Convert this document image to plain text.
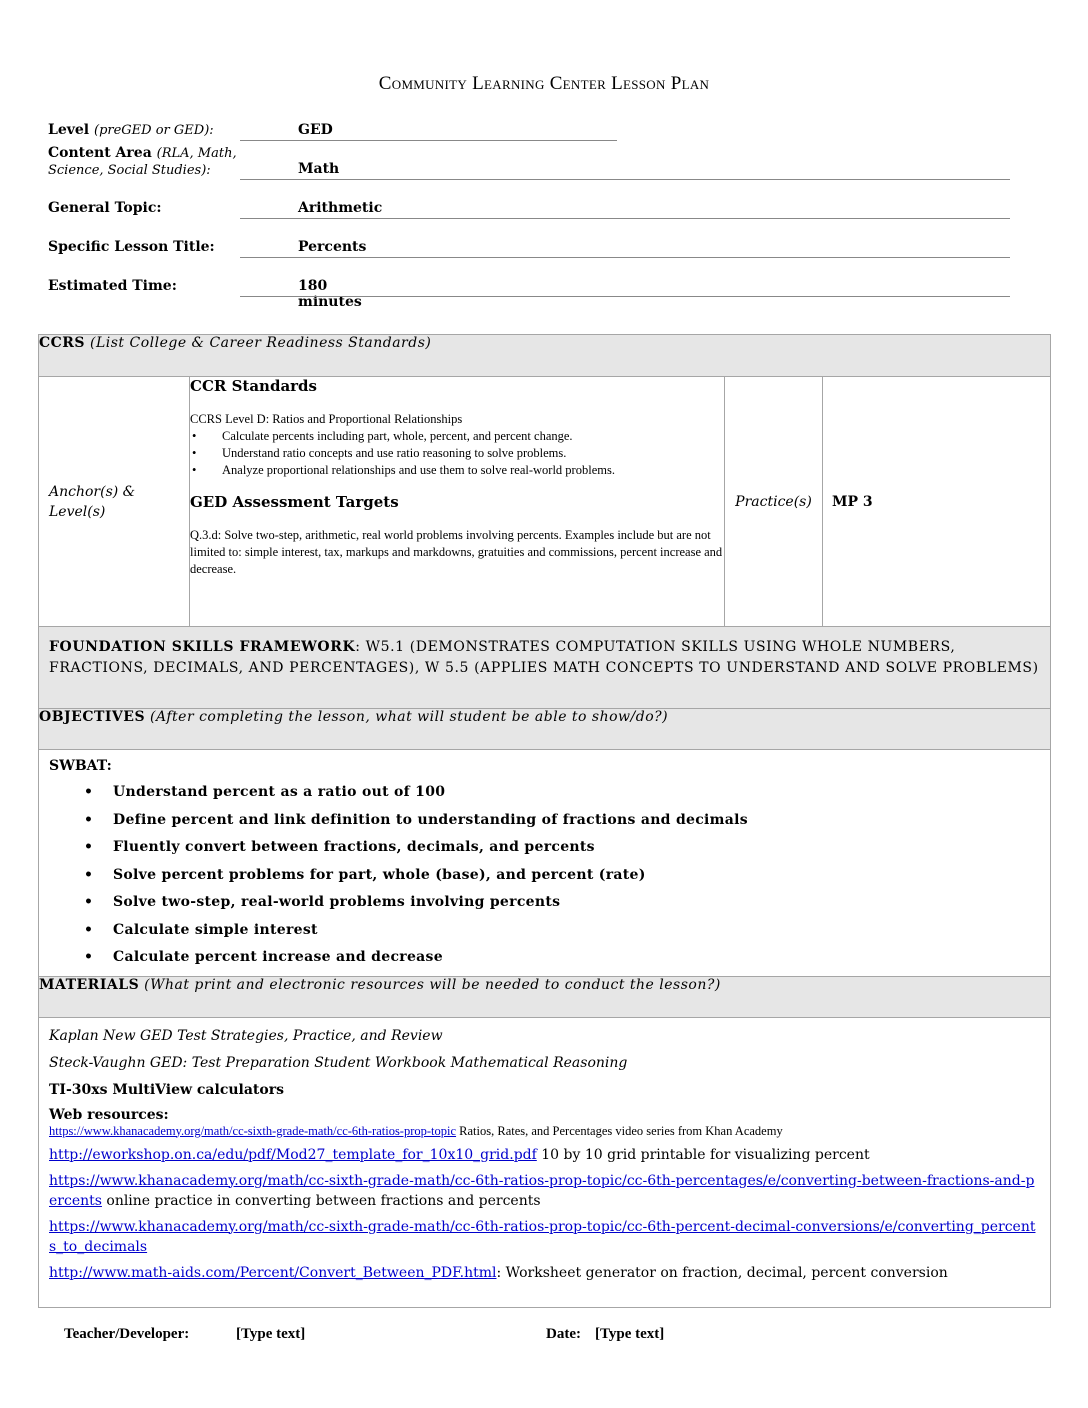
Community Learning Center Lesson Plan
Level (preGED or GED):	GED
Content Area (RLA, Math,
Science, Social Studies):	Math
General Topic:	Arithmetic
Specific Lesson Title:	Percents
Estimated Time:	180 minutes
CCRS (List College & Career Readiness Standards)
Anchor(s) & Level(s)	
CCR Standards
CCRS Level D: Ratios and Proportional Relationships
• Calculate percents including part, whole, percent, and percent change.
• Understand ratio concepts and use ratio reasoning to solve problems.
• Analyze proportional relationships and use them to solve real-world problems.
GED Assessment Targets
Q.3.d: Solve two-step, arithmetic, real world problems involving percents. Examples include but are not limited to: simple interest, tax, markups and markdowns, gratuities and commissions, percent increase and decrease.
	Practice(s)	MP 3
FOUNDATION SKILLS FRAMEWORK: W5.1 (DEMONSTRATES COMPUTATION SKILLS USING WHOLE NUMBERS, FRACTIONS, DECIMALS, AND PERCENTAGES), W 5.5 (APPLIES MATH CONCEPTS TO UNDERSTAND AND SOLVE PROBLEMS)
OBJECTIVES (After completing the lesson, what will student be able to show/do?)

SWBAT:
• Understand percent as a ratio out of 100
• Define percent and link definition to understanding of fractions and decimals
• Fluently convert between fractions, decimals, and percents
• Solve percent problems for part, whole (base), and percent (rate)
• Solve two-step, real-world problems involving percents
• Calculate simple interest
• Calculate percent increase and decrease

MATERIALS (What print and electronic resources will be needed to conduct the lesson?)

Kaplan New GED Test Strategies, Practice, and Review

Steck-Vaughn GED: Test Preparation Student Workbook Mathematical Reasoning

TI-30xs MultiView calculators

Web resources:

https://www.khanacademy.org/math/cc-sixth-grade-math/cc-6th-ratios-prop-topic Ratios, Rates, and Percentages video series from Khan Academy

http://eworkshop.on.ca/edu/pdf/Mod27_template_for_10x10_grid.pdf 10 by 10 grid printable for visualizing percent

https://www.khanacademy.org/math/cc-sixth-grade-math/cc-6th-ratios-prop-topic/cc-6th-percentages/e/converting-between-fractions-and-percents online practice in converting between fractions and percents

https://www.khanacademy.org/math/cc-sixth-grade-math/cc-6th-ratios-prop-topic/cc-6th-percent-decimal-conversions/e/converting_percents_to_decimals

http://www.math-aids.com/Percent/Convert_Between_PDF.html: Worksheet generator on fraction, decimal, percent conversion

Teacher/Developer:	[Type text]	Date: [Type text]
